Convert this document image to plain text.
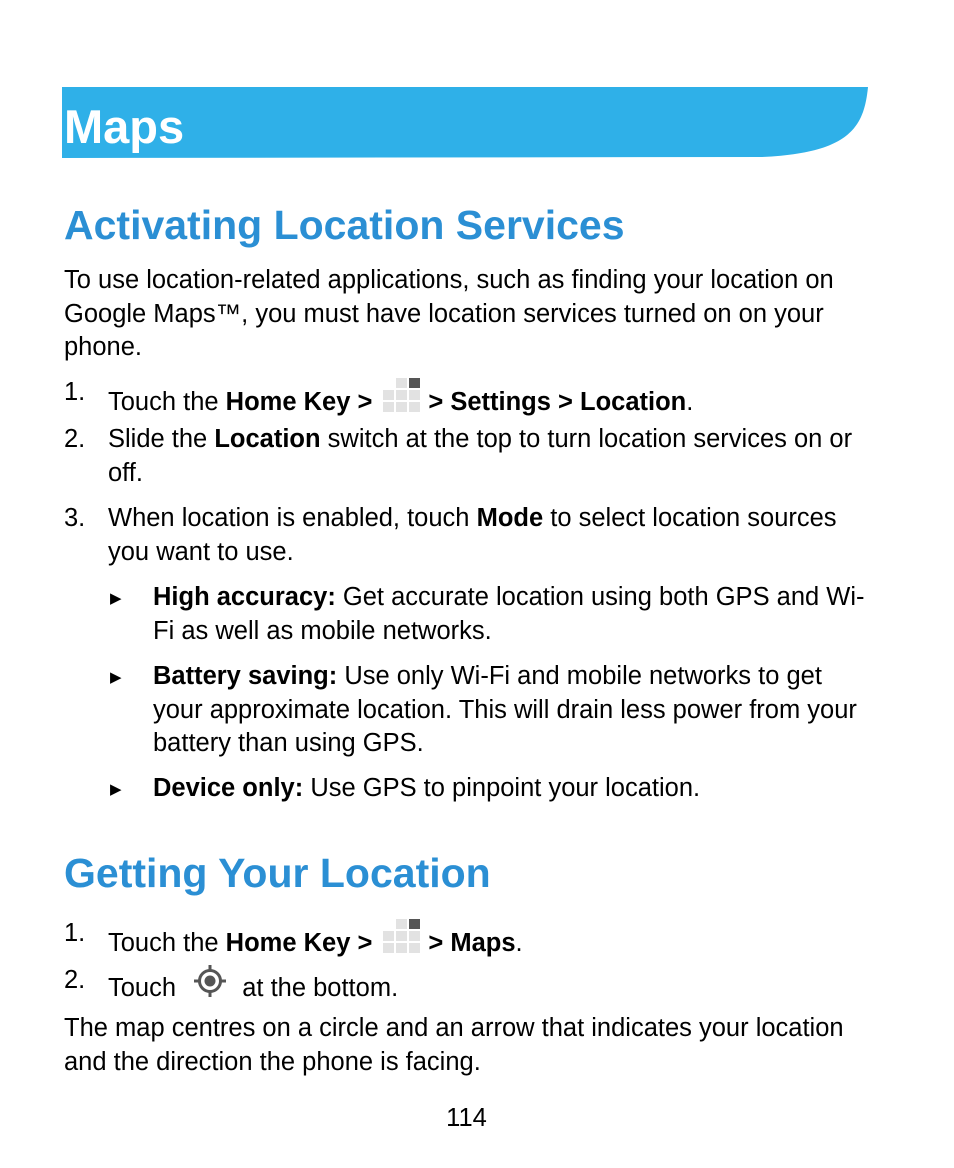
Maps
Activating Location Services

To use location-related applications, such as finding your location on Google Maps™, you must have location services turned on on your phone.

1. Touch the Home Key > > Settings > Location.
2. Slide the Location switch at the top to turn location services on or off.
3. When location is enabled, touch Mode to select location sources you want to use.
▶ High accuracy: Get accurate location using both GPS and Wi-Fi as well as mobile networks.
▶ Battery saving: Use only Wi-Fi and mobile networks to get your approximate location. This will drain less power from your battery than using GPS.
▶ Device only: Use GPS to pinpoint your location.
Getting Your Location
1. Touch the Home Key > > Maps.
2. Touch  at the bottom.

The map centres on a circle and an arrow that indicates your location and the direction the phone is facing.

114
